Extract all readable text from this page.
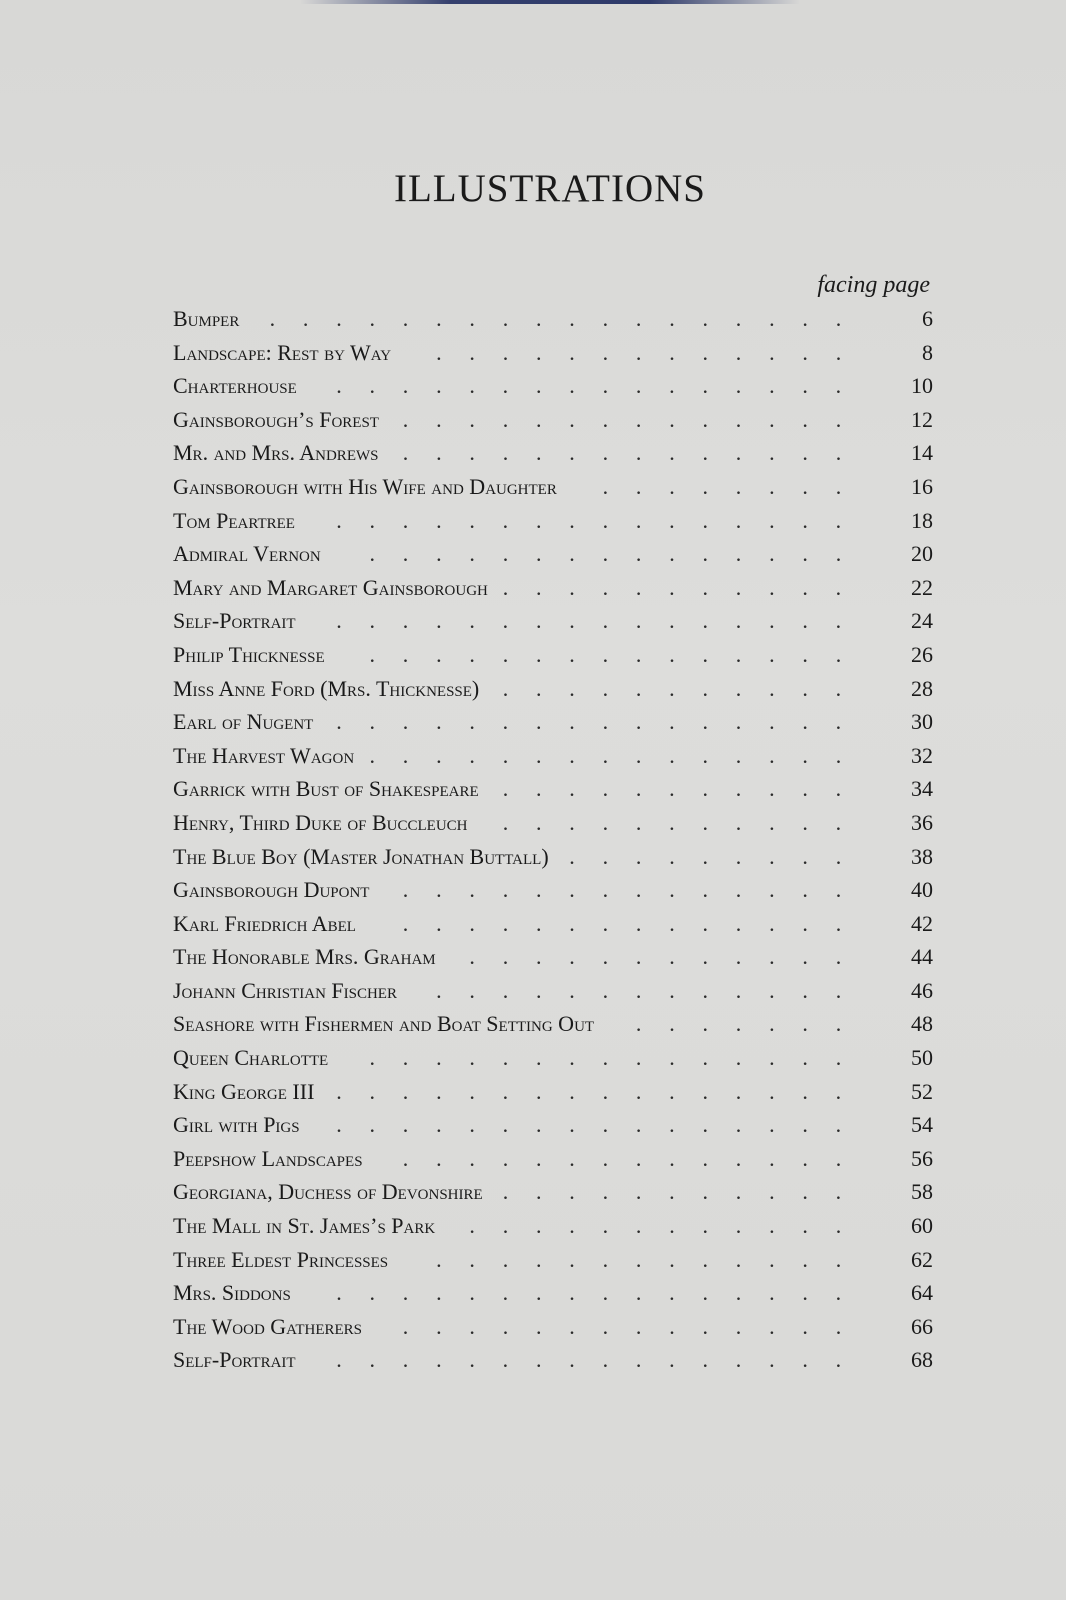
ILLUSTRATIONS
facing page
Bumper .................. 6
Landscape: Rest by Way ............. 8
Charterhouse ................ 10
Gainsborough’s Forest .............. 12
Mr. and Mrs. Andrews .............. 14
Gainsborough with His Wife and Daughter ........ 16
Tom Peartree ................ 18
Admiral Vernon ............... 20
Mary and Margaret Gainsborough ........... 22
Self-Portrait ................ 24
Philip Thicknesse ............... 26
Miss Anne Ford (Mrs. Thicknesse) ........... 28
Earl of Nugent ................ 30
The Harvest Wagon ............... 32
Garrick with Bust of Shakespeare ........... 34
Henry, Third Duke of Buccleuch ........... 36
The Blue Boy (Master Jonathan Buttall) ......... 38
Gainsborough Dupont .............. 40
Karl Friedrich Abel .............. 42
The Honorable Mrs. Graham ............ 44
Johann Christian Fischer ............. 46
Seashore with Fishermen and Boat Setting Out ....... 48
Queen Charlotte ............... 50
King George III ................ 52
Girl with Pigs ................ 54
Peepshow Landscapes .............. 56
Georgiana, Duchess of Devonshire ........... 58
The Mall in St. James’s Park ............ 60
Three Eldest Princesses ............. 62
Mrs. Siddons ................ 64
The Wood Gatherers .............. 66
Self-Portrait ................ 68
